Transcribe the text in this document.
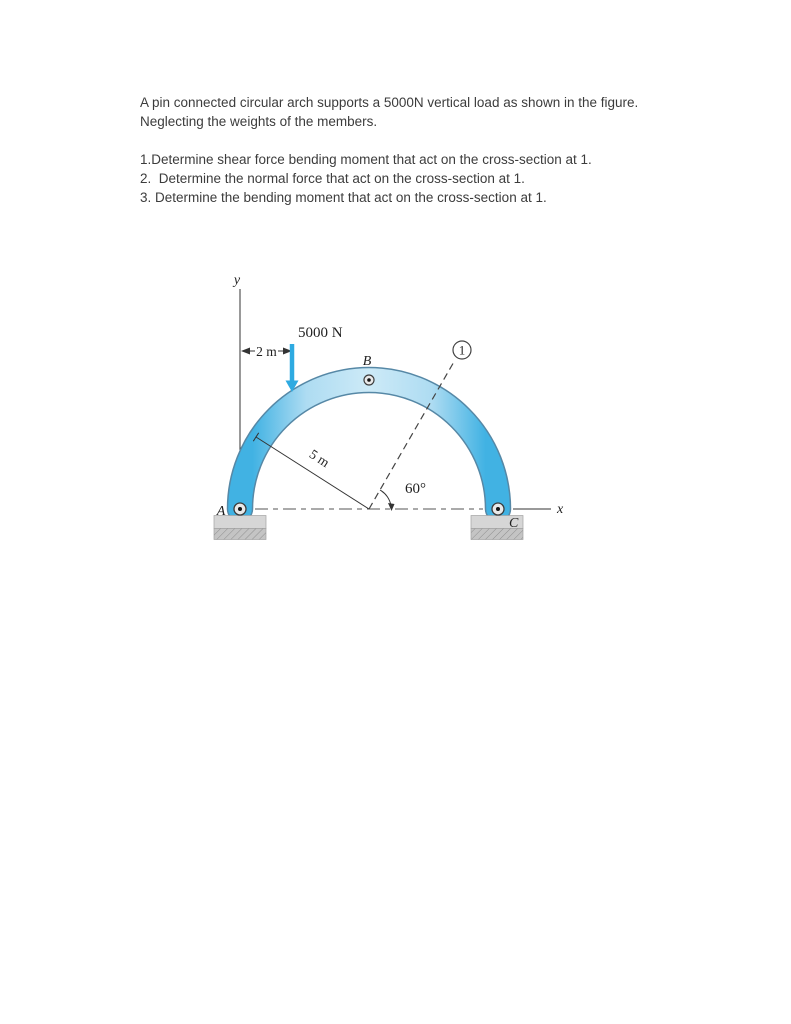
A pin connected circular arch supports a 5000N vertical load as shown in the figure.

Neglecting the weights of the members.

1.Determine shear force bending moment that act on the cross-section at 1.

2.  Determine the normal force that act on the cross-section at 1.

3. Determine the bending moment that act on the cross-section at 1.

y
5 m
60°
2 m
5000 N
B
1
x
A
C
